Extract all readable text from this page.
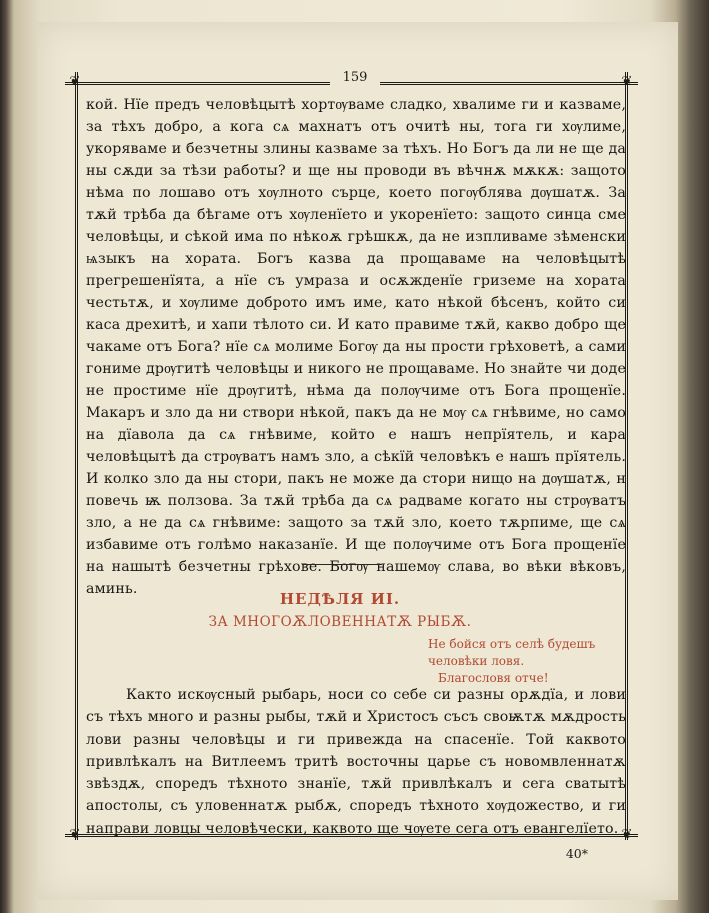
❦	❦
❦	❦
159

кой. Нїе предъ человѣцытѣ хортѹваме сладко, хвалиме ги и казваме, за тѣхъ добро, а кога сѧ махнатъ отъ очитѣ ны, тога ги хѹлиме, укоряваме и безчетны злины казваме за тѣхъ. Но Богъ да ли не ще да ны сѫди за тѣзи работы? и ще ны проводи въ вѣчнѫ мѫкѫ: защото нѣма по лошаво отъ хѹлното сърце, което погѹблява дѹшатѫ. За тѫй трѣба да бѣгаме отъ хѹленїето и укоренїето: защото синца сме человѣцы, и сѣкой има по нѣкоѫ грѣшкѫ, да не изпливаме зѣменски ѩзыкъ на хората. Богъ казва да прощаваме на человѣцытѣ прегрешенїята, а нїе съ умраза и осѫжденїе гриземе на хората честьтѫ, и хѹлиме доброто имъ име, като нѣкой бѣсенъ, който си каса дрехитѣ, и хапи тѣлото си. И като правиме тѫй, какво добро ще чакаме отъ Бога? нїе сѧ молиме Богѹ да ны прости грѣховетѣ, а сами гониме дрѹгитѣ человѣцы и никого не прощаваме. Но знайте чи доде не простиме нїе дрѹгитѣ, нѣма да полѹчиме отъ Бога прощенїе. Макаръ и зло да ни створи нѣкой, пакъ да не мѹ сѧ гнѣвиме, но само на дїавола да сѧ гнѣвиме, който е нашъ непрїятель, и кара человѣцытѣ да стрѹватъ намъ зло, а сѣкїй человѣкъ е нашъ прїятель. И колко зло да ны стори, пакъ не може да стори нищо на дѹшатѫ, н повечь ѭ ползова. За тѫй трѣба да сѧ радваме когато ны стрѹватъ зло, а не да сѧ гнѣвиме: защото за тѫй зло, което тѫрпиме, ще сѧ избавиме отъ голѣмо наказанїе. И ще полѹчиме отъ Бога прощенїе на нашытѣ безчетны грѣхове. Богѹ нашемѹ слава, во вѣки вѣковъ, аминь.

НЕДѢЛЯ ИІ.
ЗА МНОГОѪЛОВЕННАТѪ РЫБѪ.
Не бойся отъ селѣ будешъ
человѣки ловя.
Благословя отче!

Както искѹсный рыбарь, носи со себе си разны орѫдїа, и лови съ тѣхъ много и разны рыбы, тѫй и Христосъ съсъ своѭтѫ мѫдрость лови разны человѣцы и ги привежда на спасенїе. Той каквото привлѣкалъ на Витлеемъ тритѣ восточны царье съ новомвленнатѫ звѣздѫ, споредъ тѣхното знанїе, тѫй привлѣкалъ и сега сватытѣ апостолы, съ уловеннатѫ рыбѫ, споредъ тѣхното хѹдожество, и ги направи ловцы человѣчески, каквото ще чѹете сега отъ евангелїето.

40*
